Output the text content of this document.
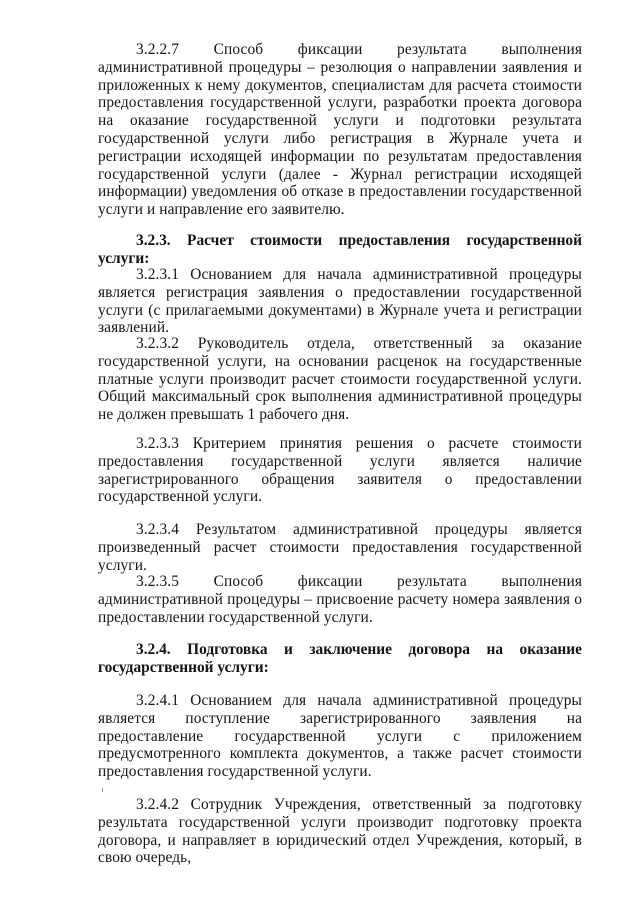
3.2.2.7 Способ фиксации результата выполнения административной процедуры – резолюция о направлении заявления и приложенных к нему документов, специалистам для расчета стоимости предоставления государственной услуги, разработки проекта договора на оказание государственной услуги и подготовки результата государственной услуги либо регистрация в Журнале учета и регистрации исходящей информации по результатам предоставления государственной услуги (далее - Журнал регистрации исходящей информации) уведомления об отказе в предоставлении государственной услуги и направление его заявителю.

3.2.3. Расчет стоимости предоставления государственной услуги:

3.2.3.1 Основанием для начала административной процедуры является регистрация заявления о предоставлении государственной услуги (с прилагаемыми документами) в Журнале учета и регистрации заявлений.

3.2.3.2 Руководитель отдела, ответственный за оказание государственной услуги, на основании расценок на государственные платные услуги производит расчет стоимости государственной услуги. Общий максимальный срок выполнения административной процедуры не должен превышать 1 рабочего дня.

3.2.3.3 Критерием принятия решения о расчете стоимости предоставления государственной услуги является наличие зарегистрированного обращения заявителя о предоставлении государственной услуги.

3.2.3.4 Результатом административной процедуры является произведенный расчет стоимости предоставления государственной услуги.

3.2.3.5 Способ фиксации результата выполнения административной процедуры – присвоение расчету номера заявления о предоставлении государственной услуги.

3.2.4. Подготовка и заключение договора на оказание государственной услуги:

3.2.4.1 Основанием для начала административной процедуры является поступление зарегистрированного заявления на предоставление государственной услуги с приложением предусмотренного комплекта документов, а также расчет стоимости предоставления государственной услуги.

3.2.4.2 Сотрудник Учреждения, ответственный за подготовку результата государственной услуги производит подготовку проекта договора, и направляет в юридический отдел Учреждения, который, в свою очередь,
